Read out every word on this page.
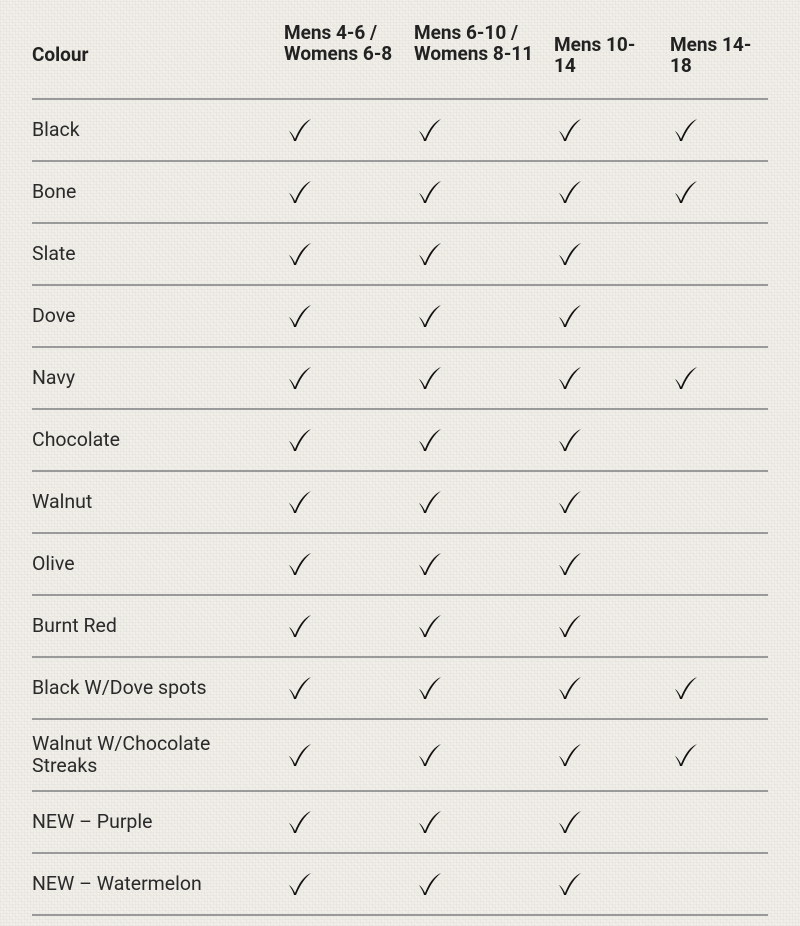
Colour
Mens 4-6 / Womens 6-8
Mens 6-10 / Womens 8-11	Mens 10-14
Mens 14-18
Black
Bone
Slate
Dove
Navy
Chocolate
Walnut
Olive
Burnt Red
Black W/Dove spots
Walnut W/Chocolate Streaks
NEW – Purple
NEW – Watermelon
